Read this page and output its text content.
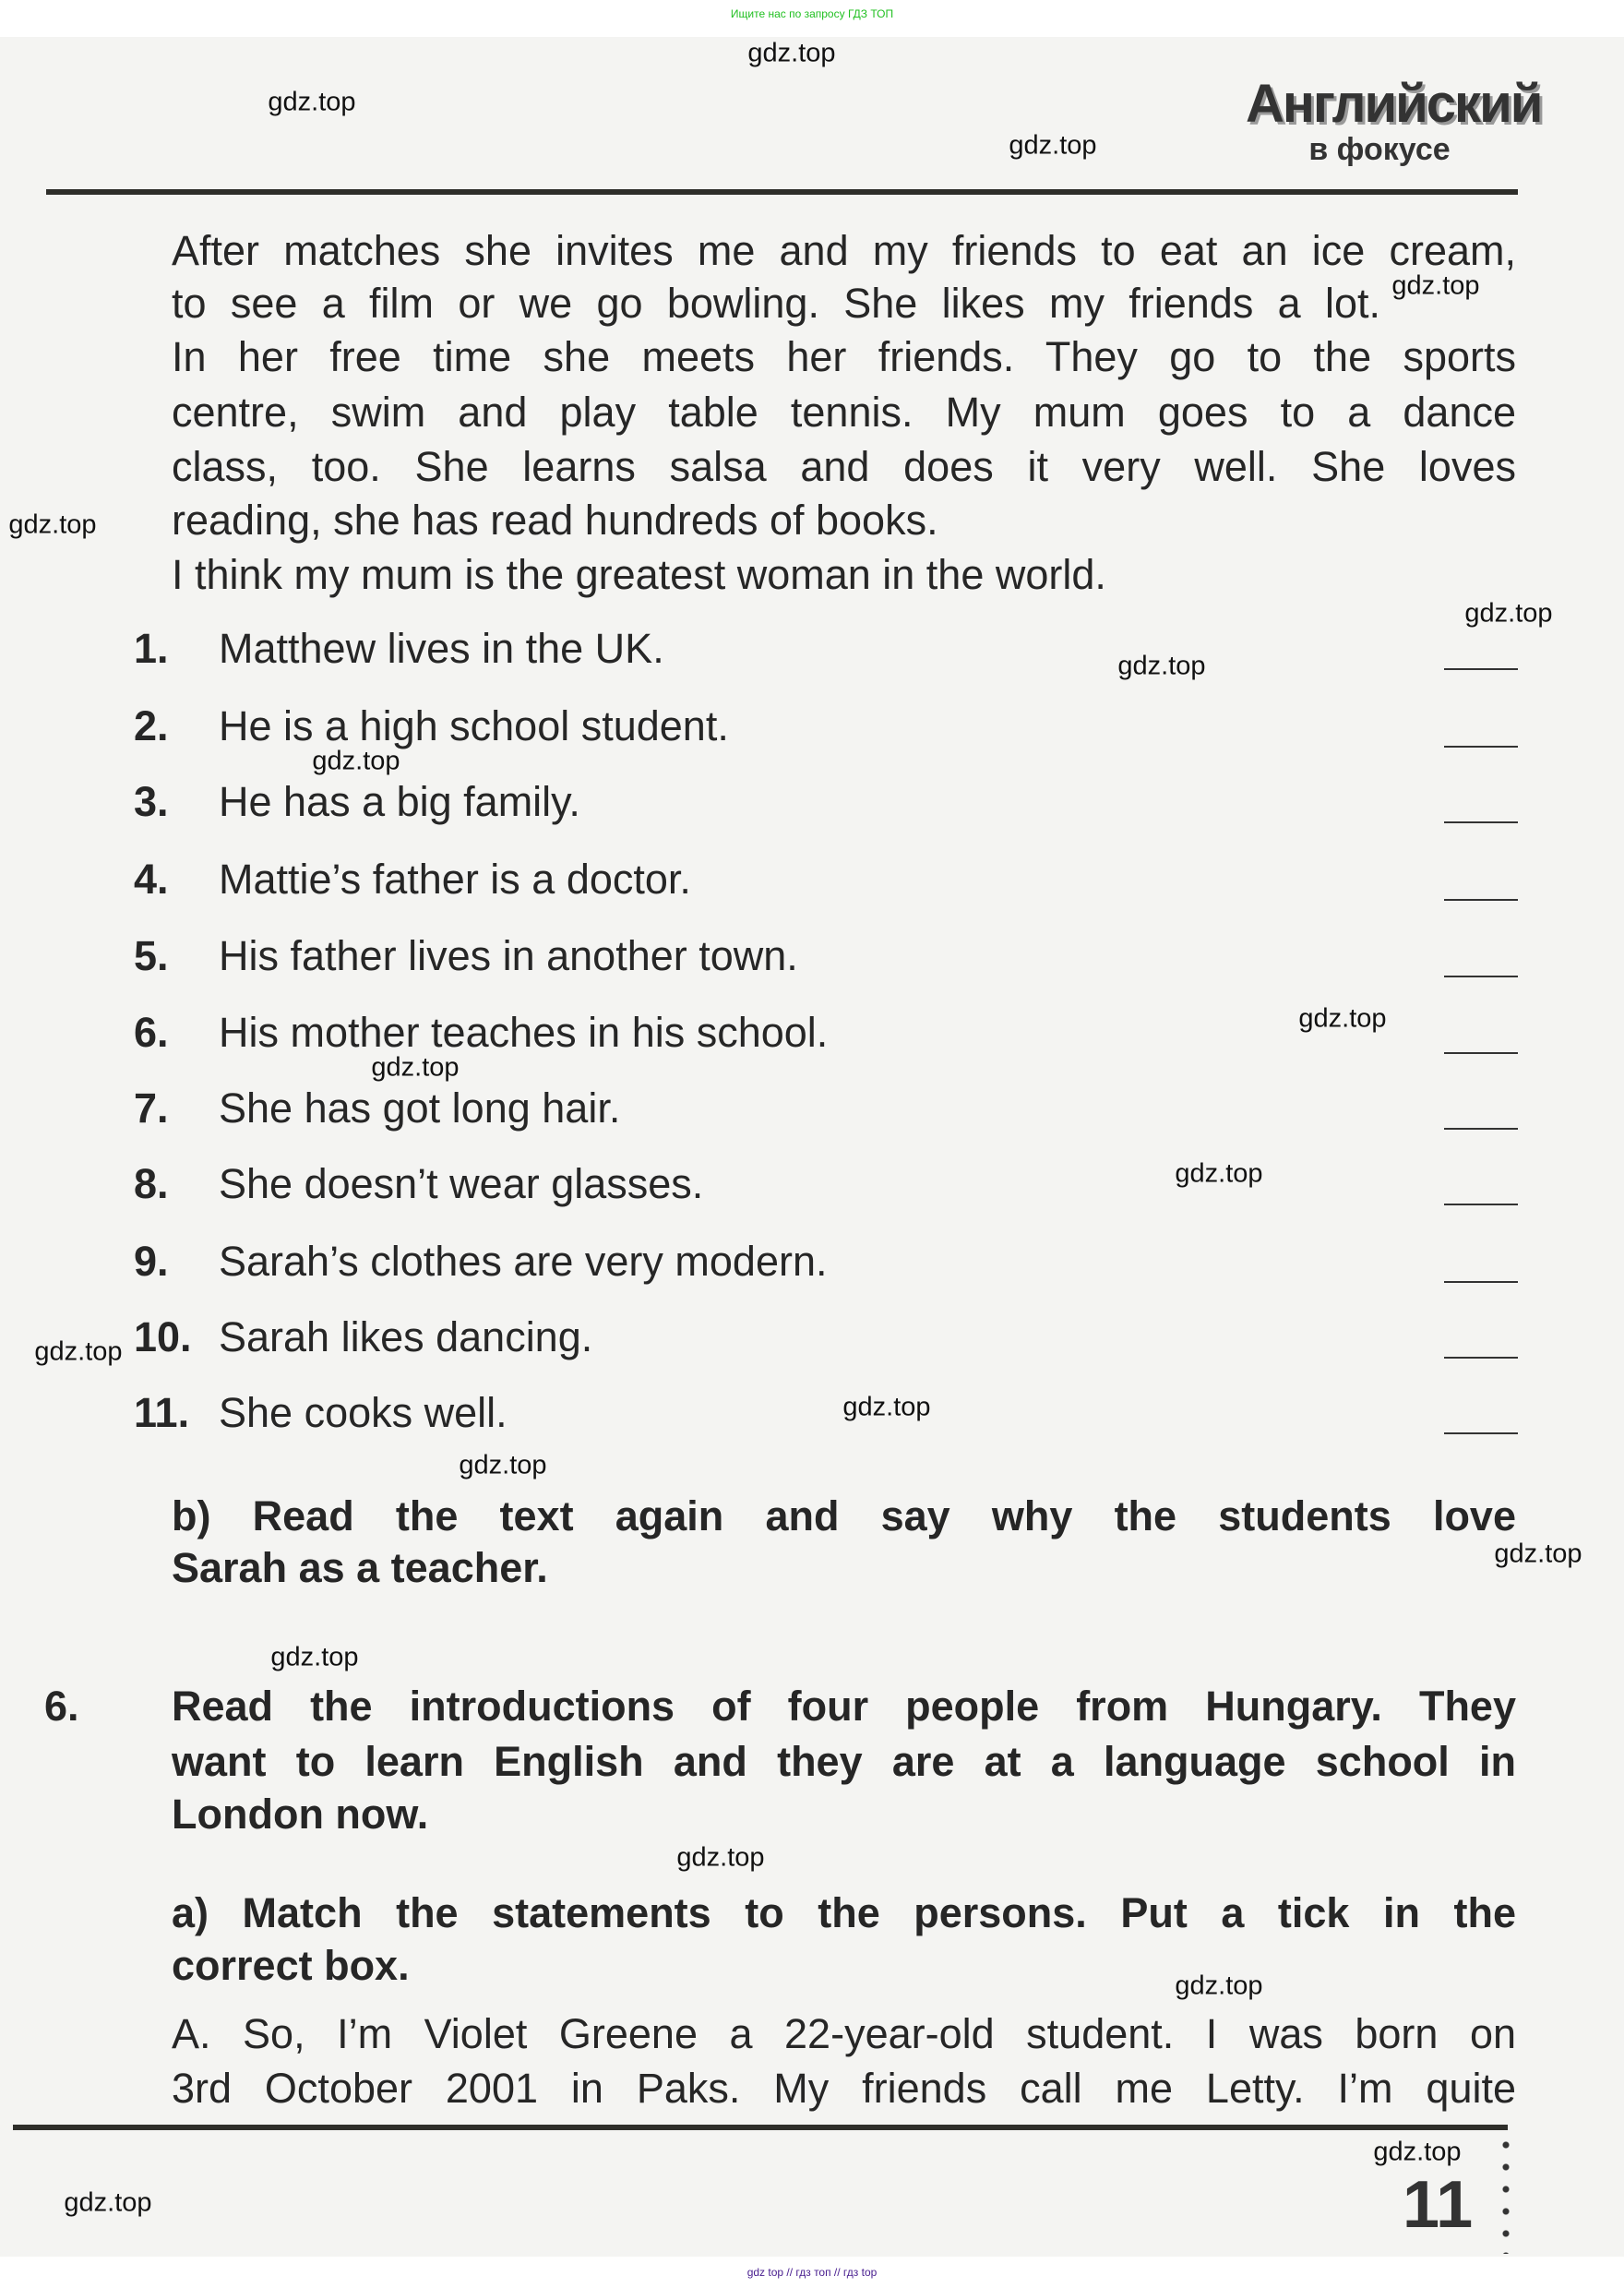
Ищите нас по запросу ГДЗ ТОП
Английский
в фокусе
After matches she invites me and my friends to eat an ice cream,
to see a film or we go bowling. She likes my friends a lot.
In her free time she meets her friends. They go to the sports
centre, swim and play table tennis. My mum goes to a dance
class, too. She learns salsa and does it very well. She loves
reading, she has read hundreds of books.
I think my mum is the greatest woman in the world.
1. Matthew lives in the UK.
2. He is a high school student.
3. He has a big family.
4. Mattie’s father is a doctor.
5. His father lives in another town.
6. His mother teaches in his school.
7. She has got long hair.
8. She doesn’t wear glasses.
9. Sarah’s clothes are very modern.
10. Sarah likes dancing.
11. She cooks well.
b) Read the text again and say why the students love
Sarah as a teacher.
6. Read the introductions of four people from Hungary. They
want to learn English and they are at a language school in
London now.
a) Match the statements to the persons. Put a tick in the
correct box.
A. So, I’m Violet Greene a 22-year-old student. I was born on
3rd October 2001 in Paks. My friends call me Letty. I’m quite
11
gdz.top
gdz.top
gdz.top
gdz.top
gdz.top
gdz.top
gdz.top
gdz.top
gdz.top
gdz.top
gdz.top
gdz.top
gdz.top
gdz.top
gdz.top
gdz.top
gdz.top
gdz.top
gdz.top
gdz.top
gdz top // гдз топ // гдз top
